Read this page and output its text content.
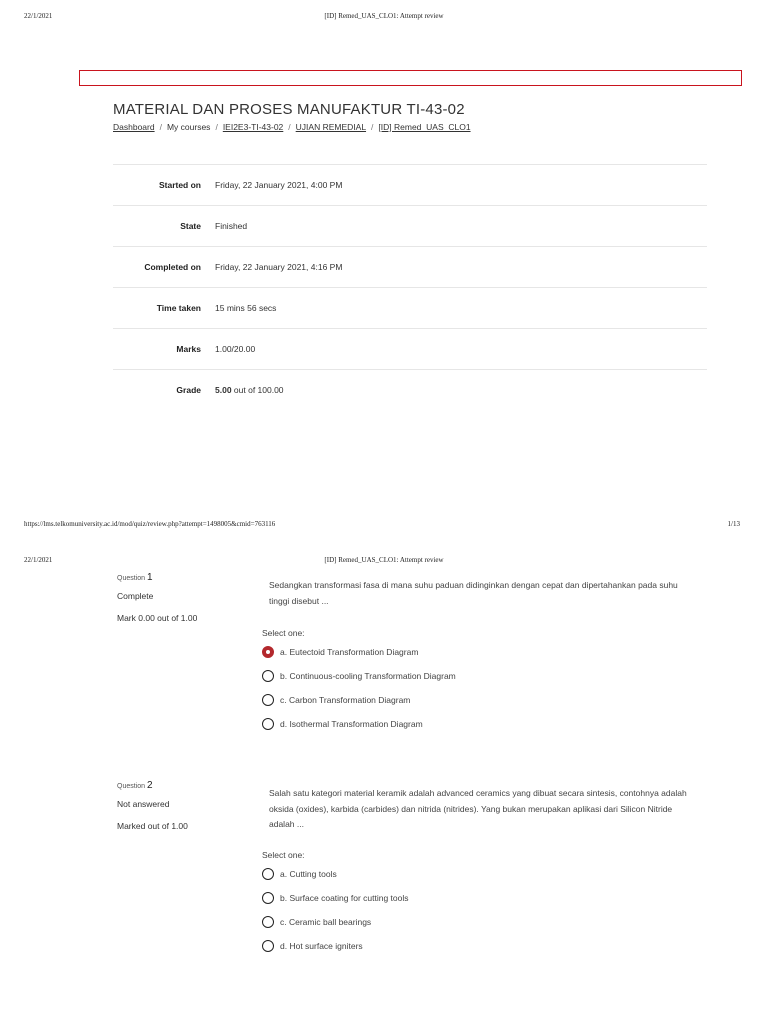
22/1/2021	[ID] Remed_UAS_CLO1: Attempt review
MATERIAL DAN PROSES MANUFAKTUR TI-43-02
Dashboard / My courses / IEI2E3-TI-43-02 / UJIAN REMEDIAL / [ID] Remed_UAS_CLO1
Started on	Friday, 22 January 2021, 4:00 PM
State	Finished
Completed on	Friday, 22 January 2021, 4:16 PM
Time taken	15 mins 56 secs
Marks	1.00/20.00
Grade	5.00 out of 100.00
https://lms.telkomuniversity.ac.id/mod/quiz/review.php?attempt=1498005&cmid=763116	1/13
22/1/2021	[ID] Remed_UAS_CLO1: Attempt review
Question 1
Complete
Mark 0.00 out of 1.00
Sedangkan transformasi fasa di mana suhu paduan didinginkan dengan cepat dan dipertahankan pada suhu tinggi disebut ...
Select one:
a. Eutectoid Transformation Diagram
b. Continuous-cooling Transformation Diagram
c. Carbon Transformation Diagram
d. Isothermal Transformation Diagram
Question 2
Not answered
Marked out of 1.00
Salah satu kategori material keramik adalah advanced ceramics yang dibuat secara sintesis, contohnya adalah oksida (oxides), karbida (carbides) dan nitrida (nitrides). Yang bukan merupakan aplikasi dari Silicon Nitride adalah ...
Select one:
a. Cutting tools
b. Surface coating for cutting tools
c. Ceramic ball bearings
d. Hot surface igniters
